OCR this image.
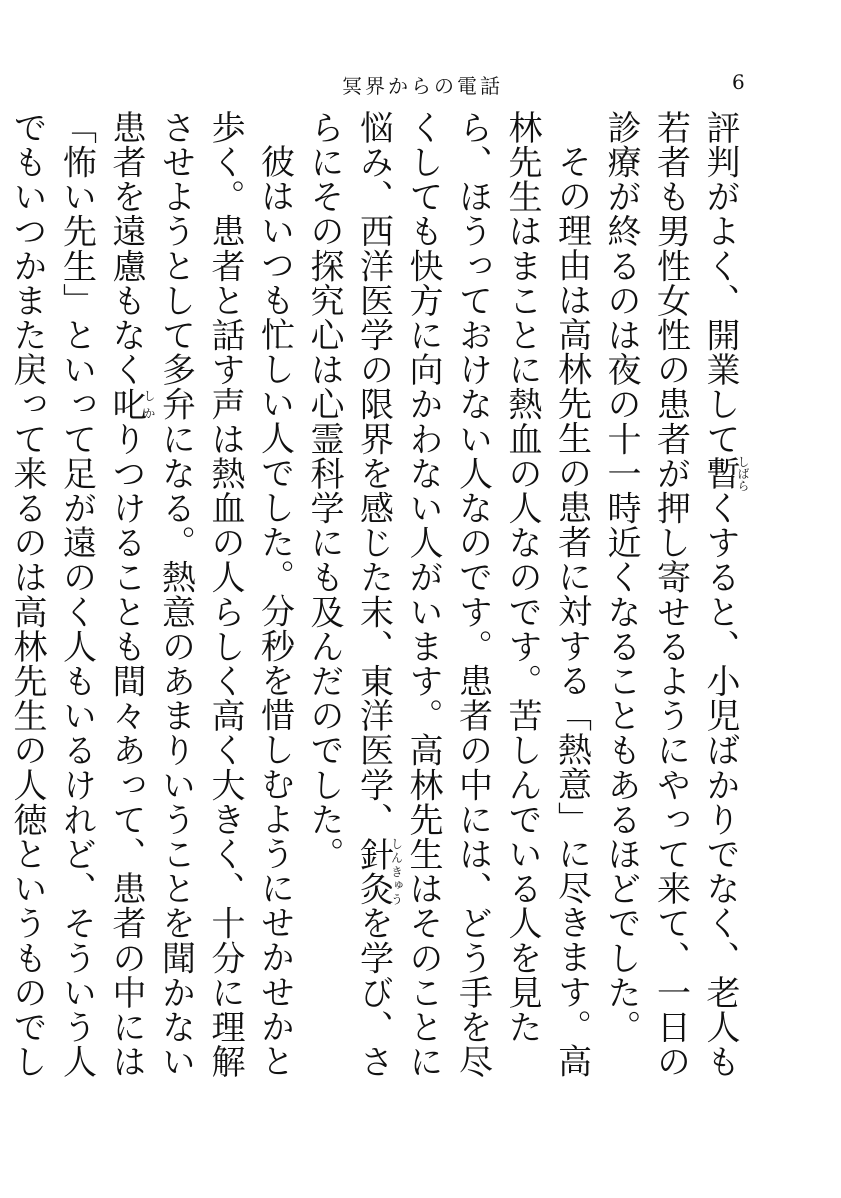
冥界からの電話	6

評判がよく、開業して暫しばらくすると、小児ばかりでなく、老人も若者も男性女性の患者が押し寄せるようにやって来て、一日の診療が終るのは夜の十一時近くなることもあるほどでした。

その理由は高林先生の患者に対する「熱意」に尽きます。高林先生はまことに熱血の人なのです。苦しんでいる人を見たら、ほうっておけない人なのです。患者の中には、どう手を尽くしても快方に向かわない人がいます。高林先生はそのことに悩み、西洋医学の限界を感じた末、東洋医学、針灸しんきゅうを学び、さらにその探究心は心霊科学にも及んだのでした。

彼はいつも忙しい人でした。分秒を惜しむようにせかせかと歩く。患者と話す声は熱血の人らしく高く大きく、十分に理解させようとして多弁になる。熱意のあまりいうことを聞かない患者を遠慮もなく叱しかりつけることも間々あって、患者の中には「怖い先生」といって足が遠のく人もいるけれど、そういう人でもいつかまた戻って来るのは高林先生の人徳というものでし
